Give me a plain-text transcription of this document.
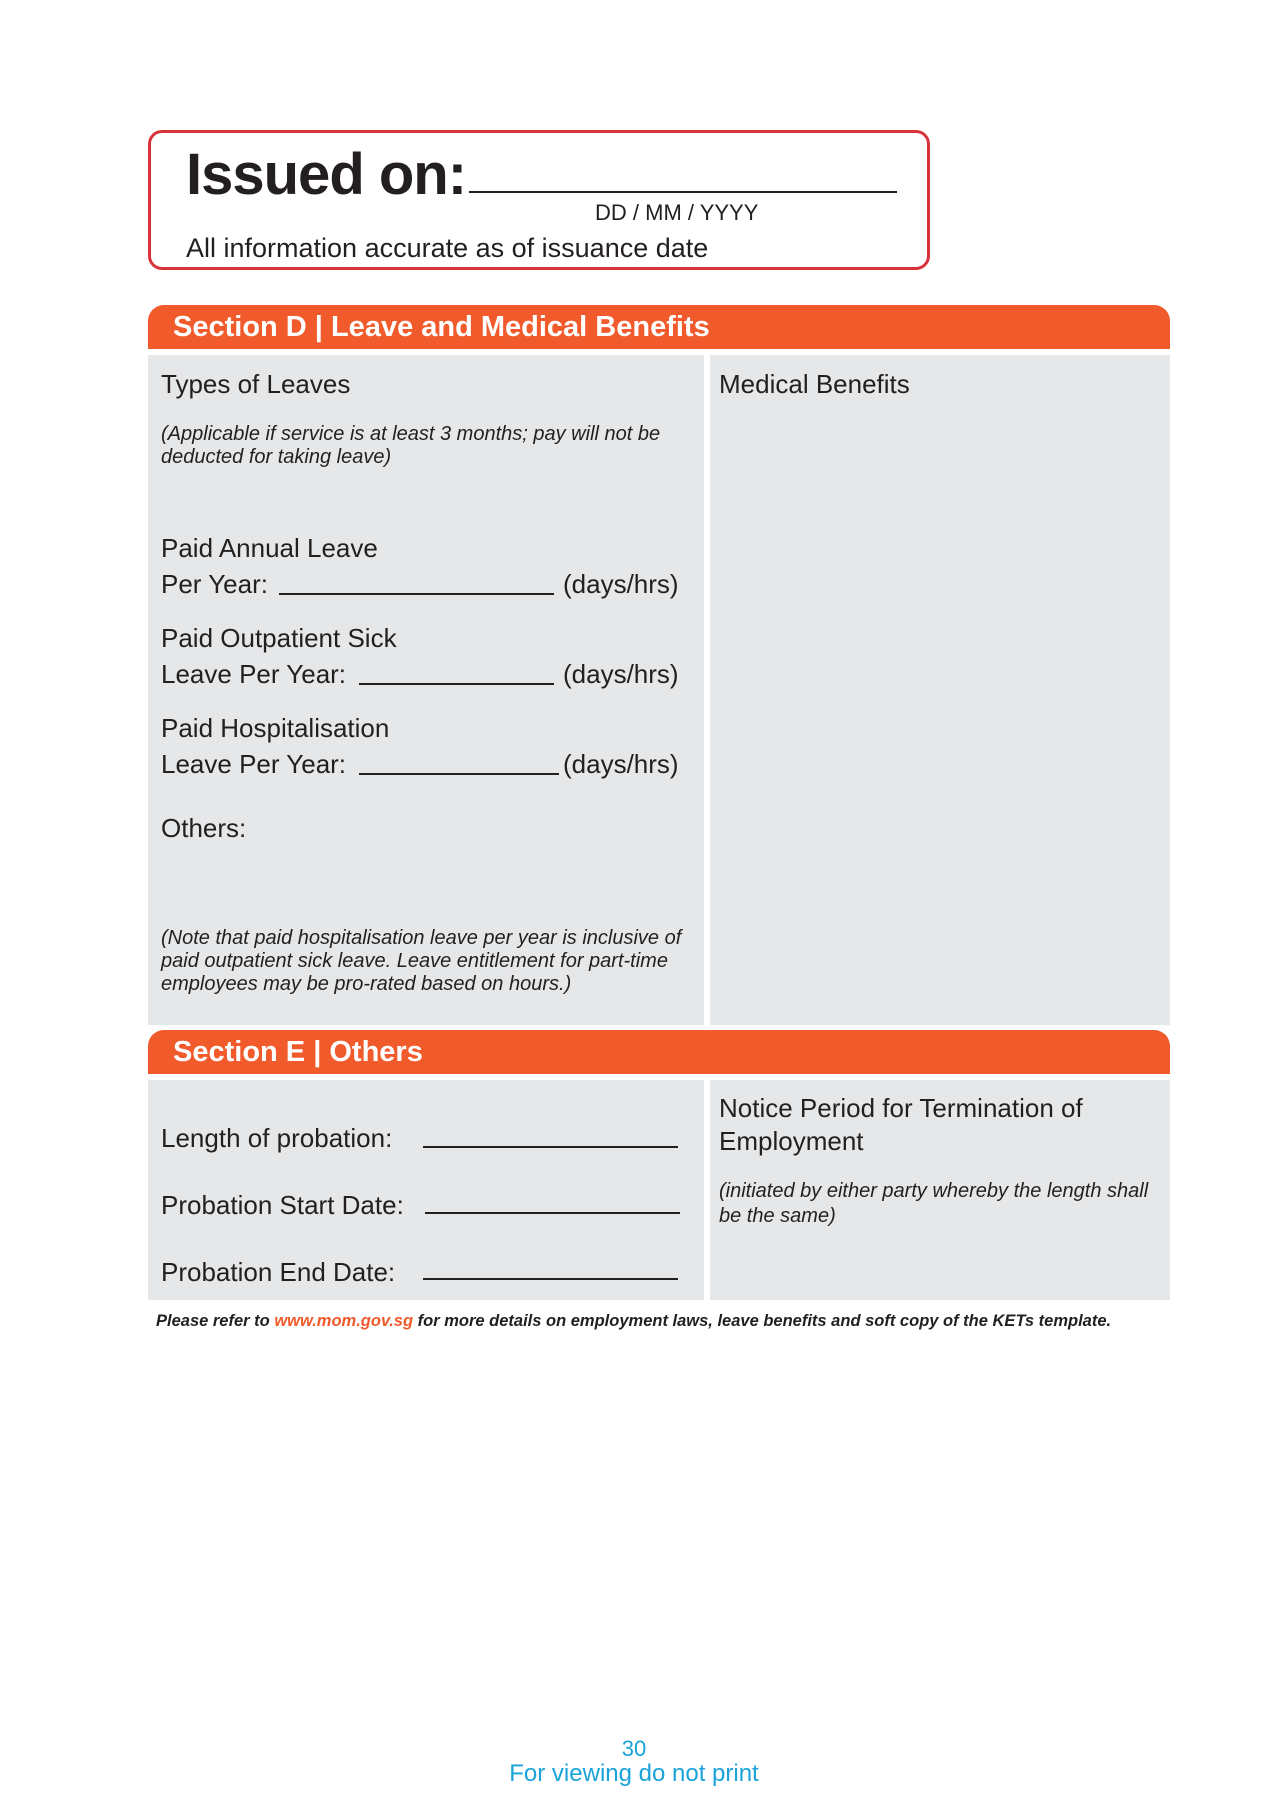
Issued on:
DD / MM / YYYY
All information accurate as of issuance date
Section D | Leave and Medical Benefits
Types of Leaves
(Applicable if service is at least 3 months; pay will not be deducted for taking leave)
Paid Annual Leave
Per Year:	(days/hrs)
Paid Outpatient Sick
Leave Per Year:	(days/hrs)
Paid Hospitalisation
Leave Per Year:	(days/hrs)
Others:
(Note that paid hospitalisation leave per year is inclusive of paid outpatient sick leave. Leave entitlement for part-time employees may be pro-rated based on hours.)
Medical Benefits
Section E | Others
Length of probation:
Probation Start Date:
Probation End Date:
Notice Period for Termination of Employment
(initiated by either party whereby the length shall be the same)
Please refer to www.mom.gov.sg for more details on employment laws, leave benefits and soft copy of the KETs template.
30
For viewing do not print
